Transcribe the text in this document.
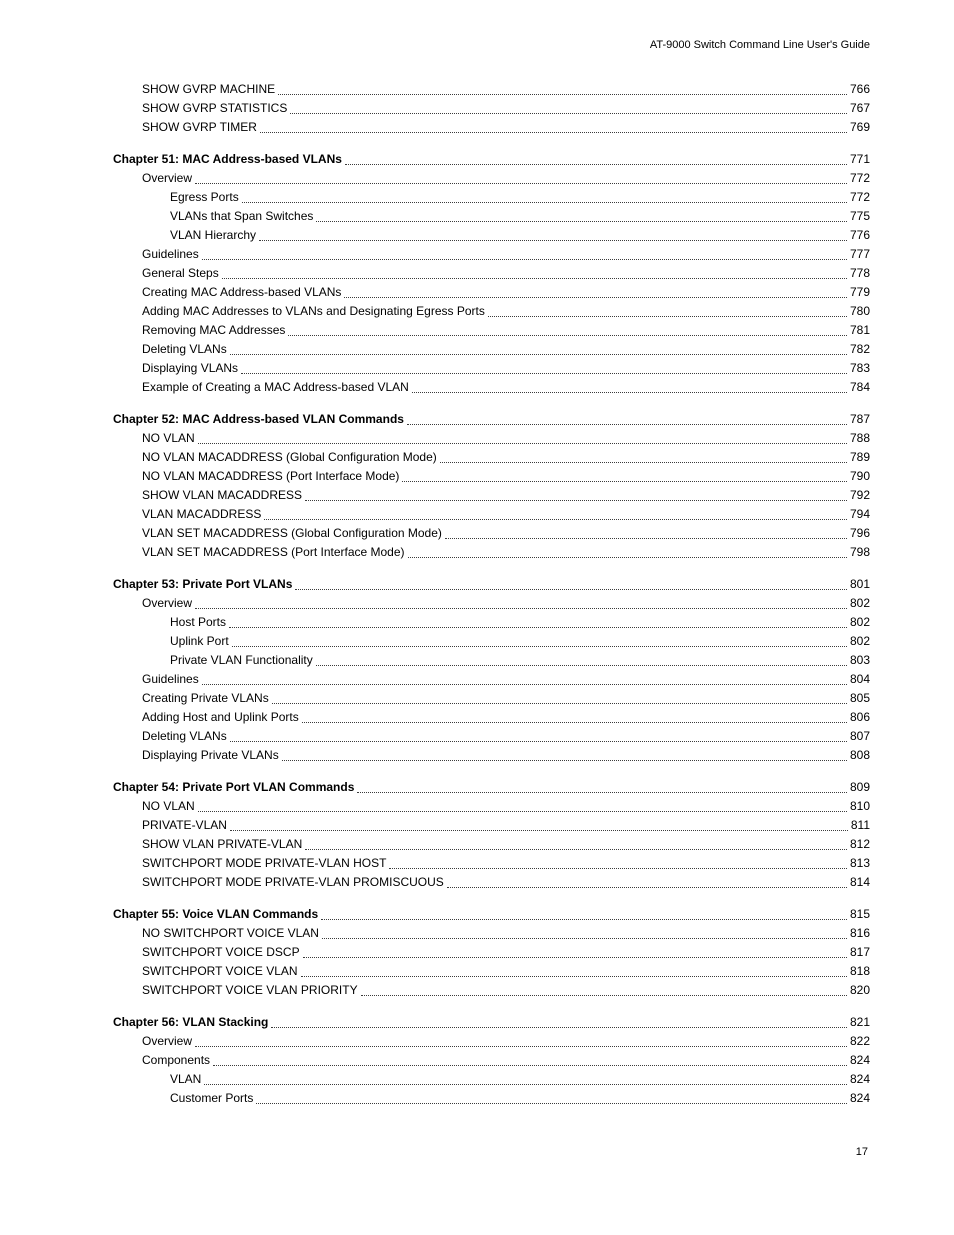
AT-9000 Switch Command Line User's Guide
SHOW GVRP MACHINE	766
SHOW GVRP STATISTICS	767
SHOW GVRP TIMER	769
Chapter 51: MAC Address-based VLANs	771
Overview	772
Egress Ports	772
VLANs that Span Switches	775
VLAN Hierarchy	776
Guidelines	777
General Steps	778
Creating MAC Address-based VLANs	779
Adding MAC Addresses to VLANs and Designating Egress Ports	780
Removing MAC Addresses	781
Deleting VLANs	782
Displaying VLANs	783
Example of Creating a MAC Address-based VLAN	784
Chapter 52: MAC Address-based VLAN Commands	787
NO VLAN	788
NO VLAN MACADDRESS (Global Configuration Mode)	789
NO VLAN MACADDRESS (Port Interface Mode)	790
SHOW VLAN MACADDRESS	792
VLAN MACADDRESS	794
VLAN SET MACADDRESS (Global Configuration Mode)	796
VLAN SET MACADDRESS (Port Interface Mode)	798
Chapter 53: Private Port VLANs	801
Overview	802
Host Ports	802
Uplink Port	802
Private VLAN Functionality	803
Guidelines	804
Creating Private VLANs	805
Adding Host and Uplink Ports	806
Deleting VLANs	807
Displaying Private VLANs	808
Chapter 54: Private Port VLAN Commands	809
NO VLAN	810
PRIVATE-VLAN	811
SHOW VLAN PRIVATE-VLAN	812
SWITCHPORT MODE PRIVATE-VLAN HOST	813
SWITCHPORT MODE PRIVATE-VLAN PROMISCUOUS	814
Chapter 55: Voice VLAN Commands	815
NO SWITCHPORT VOICE VLAN	816
SWITCHPORT VOICE DSCP	817
SWITCHPORT VOICE VLAN	818
SWITCHPORT VOICE VLAN PRIORITY	820
Chapter 56: VLAN Stacking	821
Overview	822
Components	824
VLAN	824
Customer Ports	824
17
